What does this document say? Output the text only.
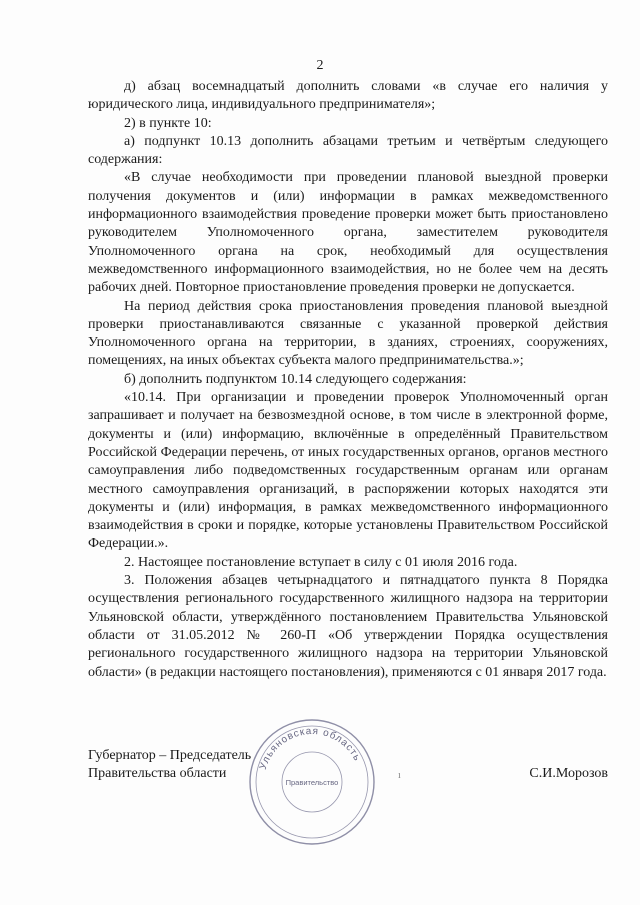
2

д) абзац восемнадцатый дополнить словами «в случае его наличия у юридического лица, индивидуального предпринимателя»;

2) в пункте 10:

а) подпункт 10.13 дополнить абзацами третьим и четвёртым следующего содержания:

«В случае необходимости при проведении плановой выездной проверки получения документов и (или) информации в рамках межведомственного информационного взаимодействия проведение проверки может быть приостановлено руководителем Уполномоченного органа, заместителем руководителя Уполномоченного органа на срок, необходимый для осуществления межведомственного информационного взаимодействия, но не более чем на десять рабочих дней. Повторное приостановление проведения проверки не допускается.

На период действия срока приостановления проведения плановой выездной проверки приостанавливаются связанные с указанной проверкой действия Уполномоченного органа на территории, в зданиях, строениях, сооружениях, помещениях, на иных объектах субъекта малого предпринимательства.»;

б) дополнить подпунктом 10.14 следующего содержания:

«10.14. При организации и проведении проверок Уполномоченный орган запрашивает и получает на безвозмездной основе, в том числе в электронной форме, документы и (или) информацию, включённые в определённый Правительством Российской Федерации перечень, от иных государственных органов, органов местного самоуправления либо подведомственных государственным органам или органам местного самоуправления организаций, в распоряжении которых находятся эти документы и (или) информация, в рамках межведомственного информационного взаимодействия в сроки и порядке, которые установлены Правительством Российской Федерации.».

2. Настоящее постановление вступает в силу с 01 июля 2016 года.

3. Положения абзацев четырнадцатого и пятнадцатого пункта 8 Порядка осуществления регионального государственного жилищного надзора на территории Ульяновской области, утверждённого постановлением Правительства Ульяновской области от 31.05.2012 № 260-П «Об утверждении Порядка осуществления регионального государственного жилищного надзора на территории Ульяновской области» (в редакции настоящего постановления), применяются с 01 января 2017 года.

Губернатор – Председатель
Правительства области	С.И.Морозов
Ульяновская область
Правительство
ı
